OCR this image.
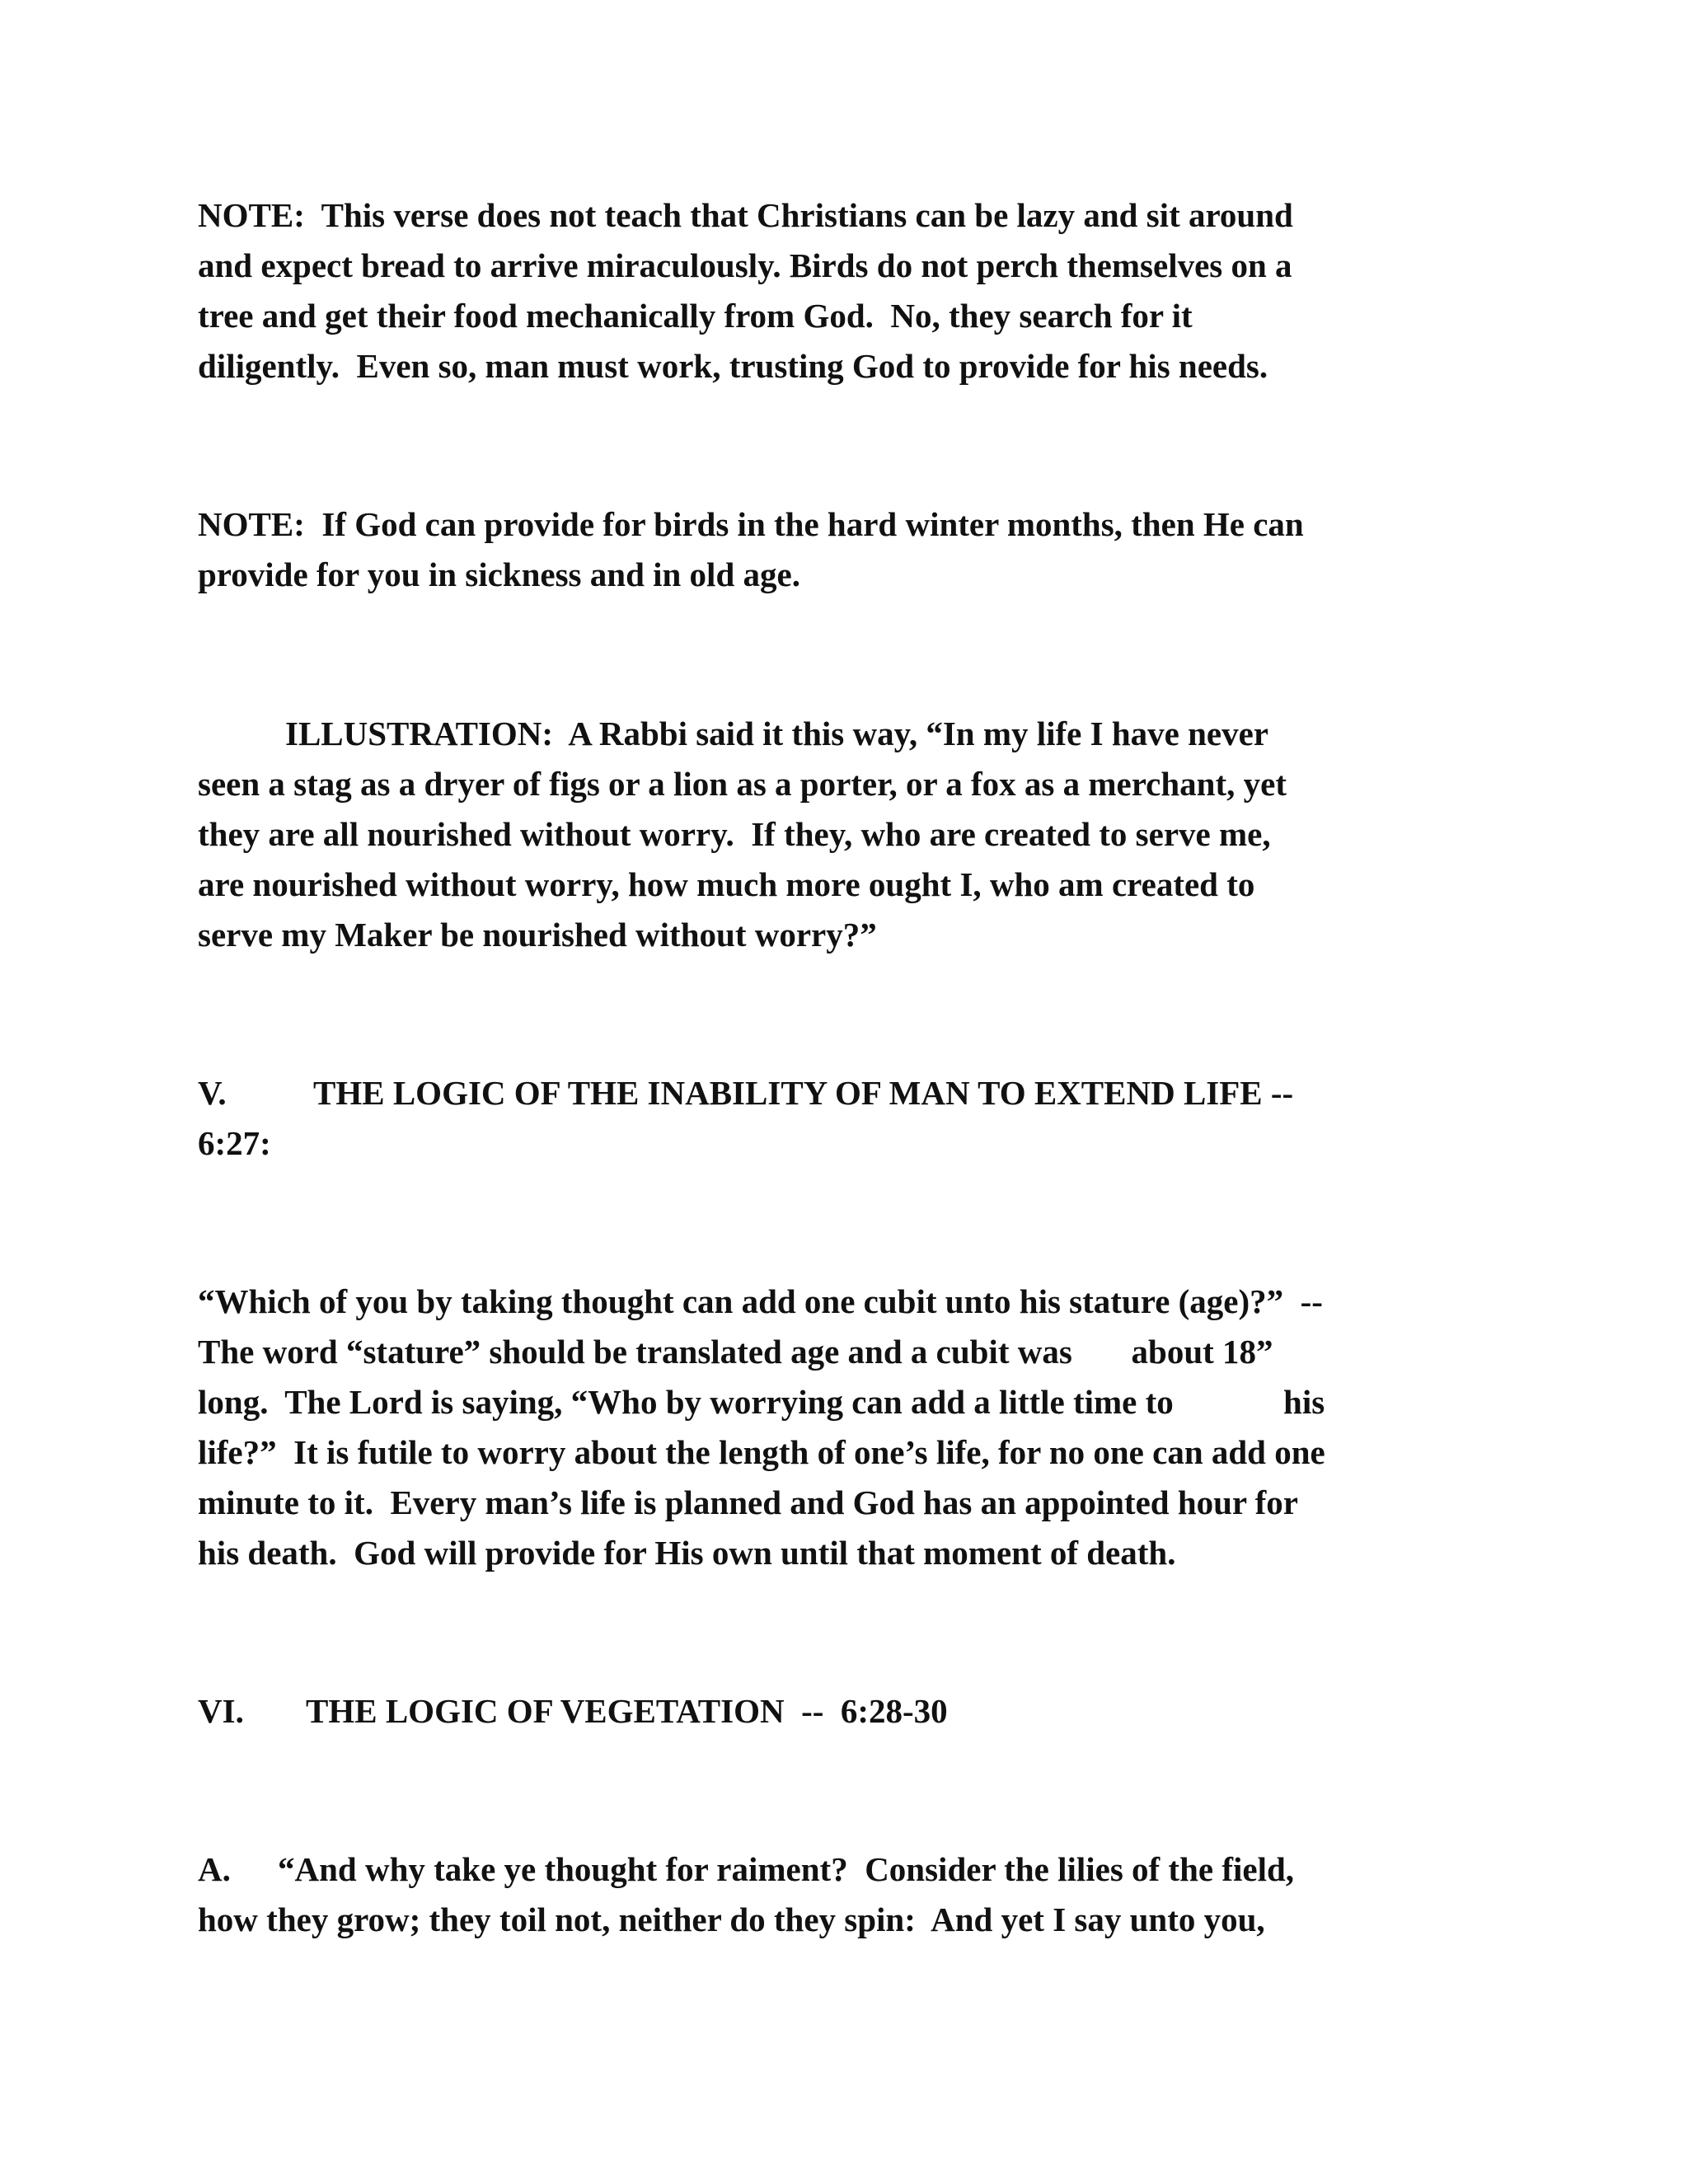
NOTE:  This verse does not teach that Christians can be lazy and sit around
and expect bread to arrive miraculously. Birds do not perch themselves on a
tree and get their food mechanically from God.  No, they search for it
diligently.  Even so, man must work, trusting God to provide for his needs.
NOTE:  If God can provide for birds in the hard winter months, then He can
provide for you in sickness and in old age.
ILLUSTRATION:  A Rabbi said it this way, “In my life I have never
seen a stag as a dryer of figs or a lion as a porter, or a fox as a merchant, yet
they are all nourished without worry.  If they, who are created to serve me,
are nourished without worry, how much more ought I, who am created to
serve my Maker be nourished without worry?”
V.	THE LOGIC OF THE INABILITY OF MAN TO EXTEND LIFE --
6:27:
“Which of you by taking thought can add one cubit unto his stature (age)?”  --
The word “stature” should be translated age and a cubit was       about 18”
long.  The Lord is saying, “Who by worrying can add a little time to             his
life?”  It is futile to worry about the length of one’s life, for no one can add one
minute to it.  Every man’s life is planned and God has an appointed hour for
his death.  God will provide for His own until that moment of death.
VI. THE LOGIC OF VEGETATION  --  6:28-30
A. “And why take ye thought for raiment?  Consider the lilies of the field,
how they grow; they toil not, neither do they spin:  And yet I say unto you,
